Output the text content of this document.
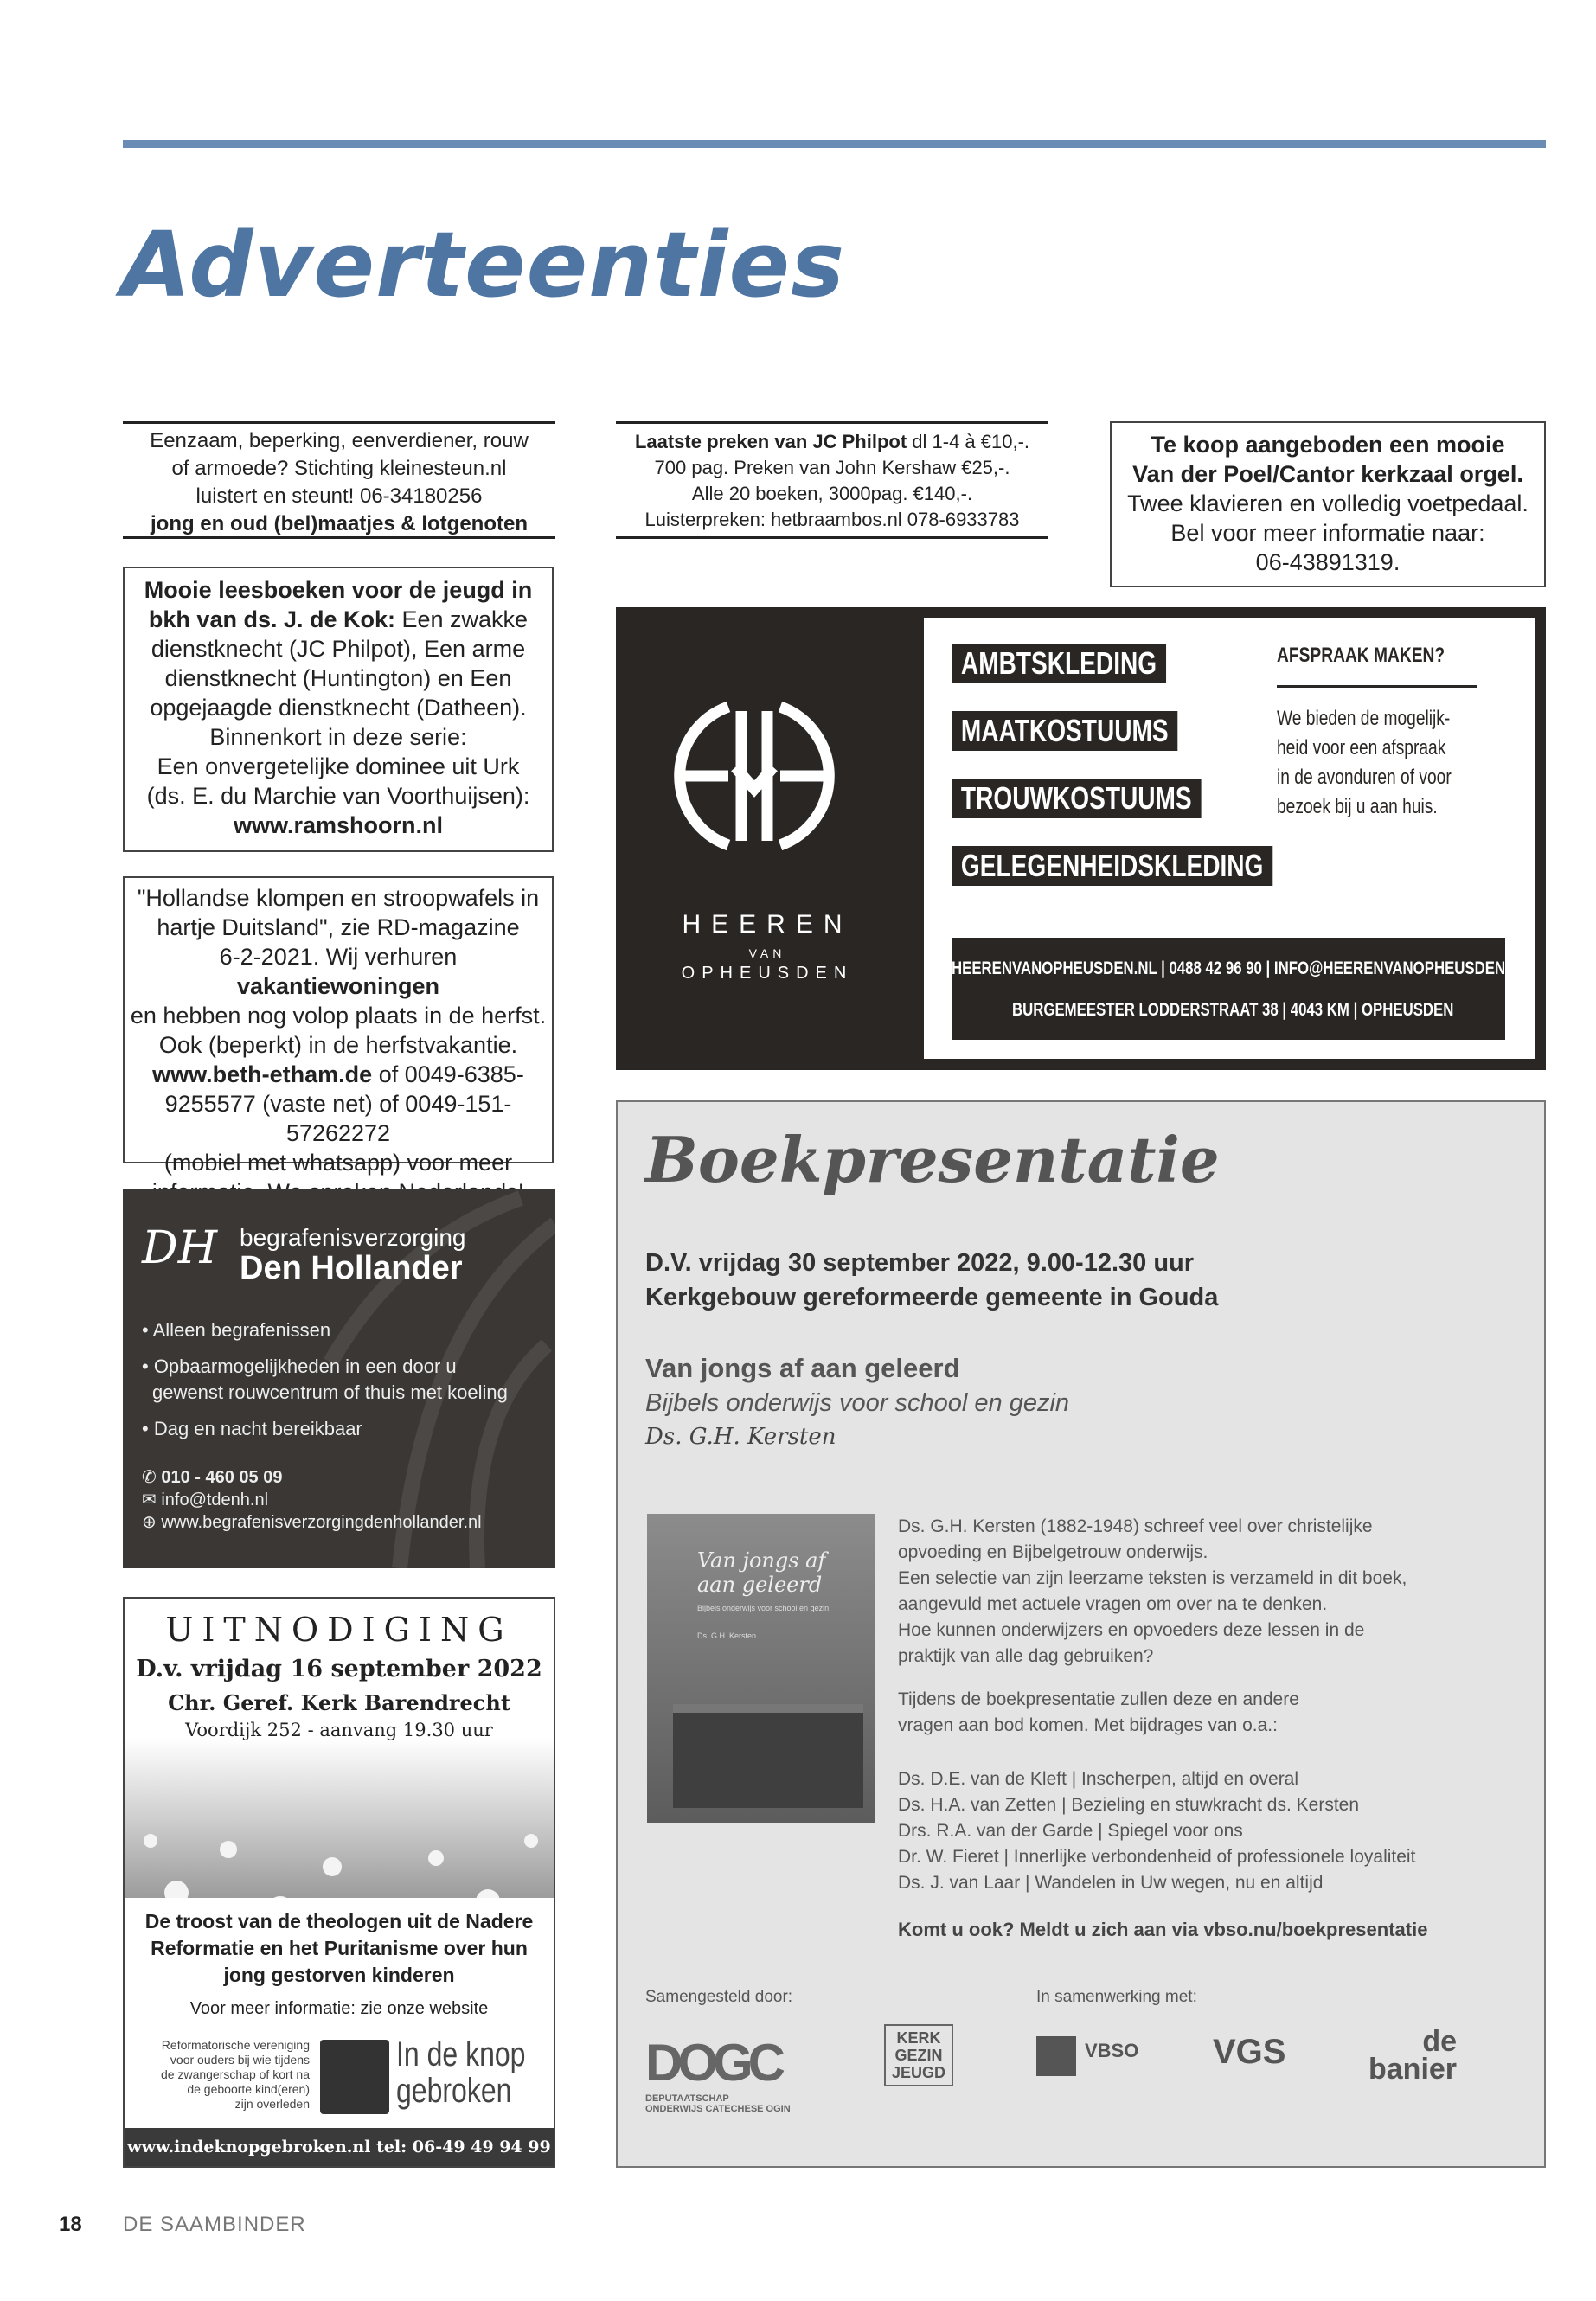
Adverteenties
Eenzaam, beperking, eenverdiener, rouw
of armoede? Stichting kleinesteun.nl
luistert en steunt! 06-34180256
jong en oud (bel)maatjes & lotgenoten
Laatste preken van JC Philpot dl 1-4 à €10,-.
700 pag. Preken van John Kershaw €25,-.
Alle 20 boeken, 3000pag. €140,-.
Luisterpreken: hetbraambos.nl 078-6933783
Te koop aangeboden een mooie
Van der Poel/Cantor kerkzaal orgel.
Twee klavieren en volledig voetpedaal.
Bel voor meer informatie naar:
06-43891319.
Mooie leesboeken voor de jeugd in
bkh van ds. J. de Kok: Een zwakke
dienstknecht (JC Philpot), Een arme
dienstknecht (Huntington) en Een
opgejaagde dienstknecht (Datheen).
Binnenkort in deze serie:
Een onvergetelijke dominee uit Urk
(ds. E. du Marchie van Voorthuijsen):
www.ramshoorn.nl
"Hollandse klompen en stroopwafels in
hartje Duitsland", zie RD-magazine
6-2-2021. Wij verhuren vakantiewoningen
en hebben nog volop plaats in de herfst.
Ook (beperkt) in de herfstvakantie.
www.beth-etham.de of 0049-6385-
9255577 (vaste net) of 0049-151-57262272
(mobiel met whatsapp) voor meer
HEEREN
VAN
OPHEUSDEN
AMBTSKLEDING
MAATKOSTUUMS
TROUWKOSTUUMS
GELEGENHEIDSKLEDING
AFSPRAAK MAKEN?
We bieden de mogelijk-
heid voor een afspraak
in de avonduren of voor
bezoek bij u aan huis.
HEERENVANOPHEUSDEN.NL | 0488 42 96 90 | INFO@HEERENVANOPHEUSDEN.NL
BURGEMEESTER LODDERSTRAAT 38 | 4043 KM | OPHEUSDEN
DH begrafenisverzorging
Den Hollander
• Alleen begrafenissen
• Opbaarmogelijkheden in een door u
gewenst rouwcentrum of thuis met koeling
• Dag en nacht bereikbaar
✆ 010 - 460 05 09
✉ info@tdenh.nl
⊕ www.begrafenisverzorgingdenhollander.nl
UITNODIGING
D.v. vrijdag 16 september 2022
Chr. Geref. Kerk Barendrecht
Voordijk 252 - aanvang 19.30 uur
De troost van de theologen uit de Nadere
Reformatie en het Puritanisme over hun
jong gestorven kinderen
Voor meer informatie: zie onze website
Reformatorische vereniging
voor ouders bij wie tijdens
de zwangerschap of kort na
de geboorte kind(eren)
zijn overleden
In de knop
gebroken
www.indeknopgebroken.nl tel: 06-49 49 94 99
Boekpresentatie
D.V. vrijdag 30 september 2022, 9.00-12.30 uur
Kerkgebouw gereformeerde gemeente in Gouda
Van jongs af aan geleerd
Bijbels onderwijs voor school en gezin
Ds. G.H. Kersten
Van jongs af
aan geleerd
Bijbels onderwijs voor school en gezin
Ds. G.H. Kersten
Ds. G.H. Kersten (1882-1948) schreef veel over christelijke
opvoeding en Bijbelgetrouw onderwijs.
Een selectie van zijn leerzame teksten is verzameld in dit boek,
aangevuld met actuele vragen om over na te denken.
Hoe kunnen onderwijzers en opvoeders deze lessen in de
praktijk van alle dag gebruiken?
Tijdens de boekpresentatie zullen deze en andere
vragen aan bod komen. Met bijdrages van o.a.:
Ds. D.E. van de Kleft | Inscherpen, altijd en overal
Ds. H.A. van Zetten | Bezieling en stuwkracht ds. Kersten
Drs. R.A. van der Garde | Spiegel voor ons
Dr. W. Fieret | Innerlijke verbondenheid of professionele loyaliteit
Ds. J. van Laar | Wandelen in Uw wegen, nu en altijd
Komt u ook? Meldt u zich aan via vbso.nu/boekpresentatie
Samengesteld door:	In samenwerking met:
DOGC
DEPUTAATSCHAP
ONDERWIJS CATECHESE OGIN
KERK
GEZIN
JEUGD
VBSO VGS	de
banier
18 DE SAAMBINDER
